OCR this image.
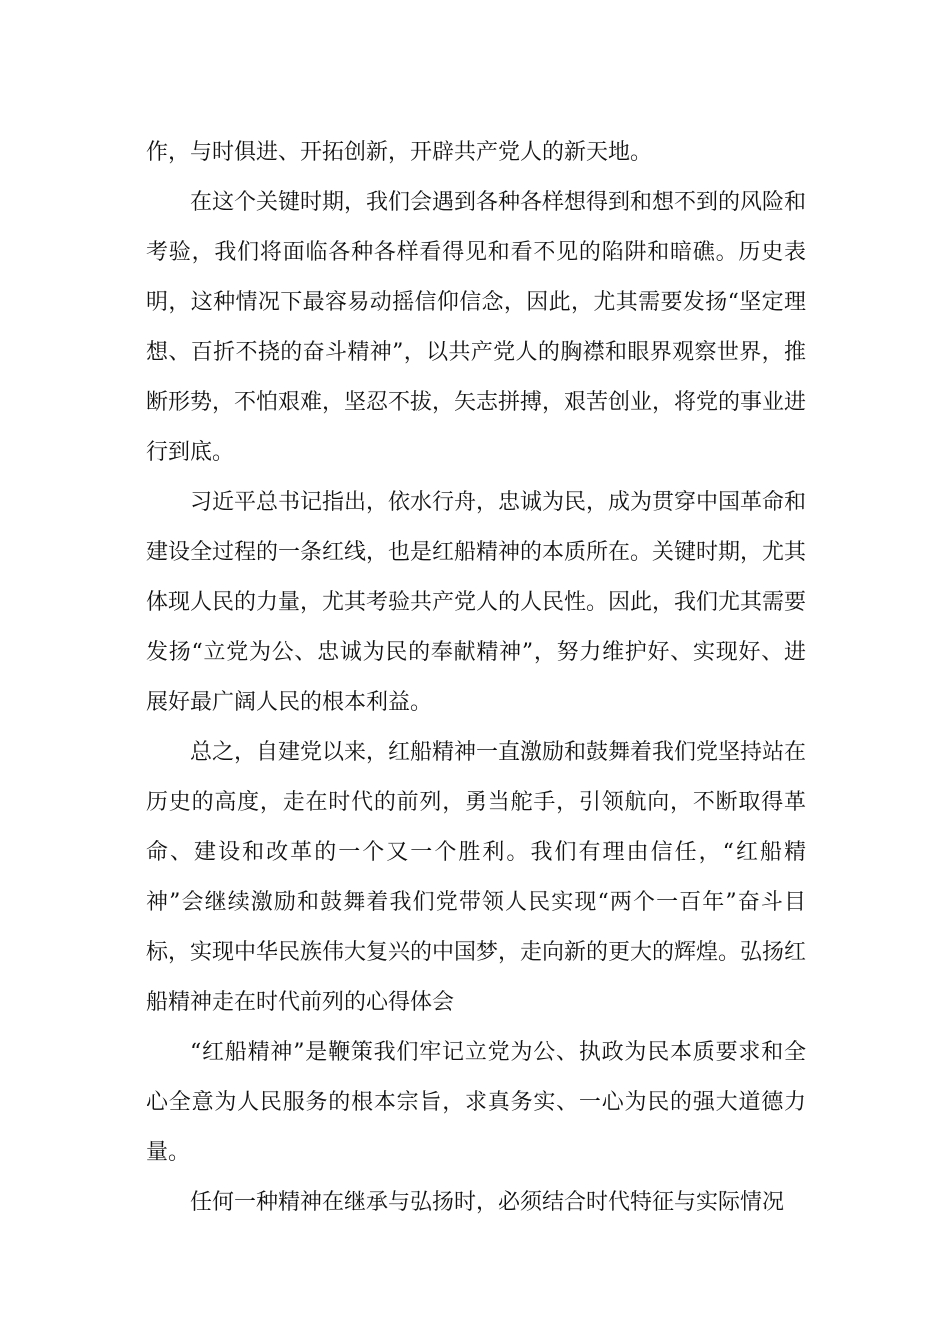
作，与时俱进、开拓创新，开辟共产党人的新天地。

在这个关键时期，我们会遇到各种各样想得到和想不到的风险和考验，我们将面临各种各样看得见和看不见的陷阱和暗礁。历史表明，这种情况下最容易动摇信仰信念，因此，尤其需要发扬“坚定理想、百折不挠的奋斗精神”，以共产党人的胸襟和眼界观察世界，推断形势，不怕艰难，坚忍不拔，矢志拼搏，艰苦创业，将党的事业进行到底。

习近平总书记指出，依水行舟，忠诚为民，成为贯穿中国革命和建设全过程的一条红线，也是红船精神的本质所在。关键时期，尤其体现人民的力量，尤其考验共产党人的人民性。因此，我们尤其需要发扬“立党为公、忠诚为民的奉献精神”，努力维护好、实现好、进展好最广阔人民的根本利益。

总之，自建党以来，红船精神一直激励和鼓舞着我们党坚持站在历史的高度，走在时代的前列，勇当舵手，引领航向，不断取得革命、建设和改革的一个又一个胜利。我们有理由信任，“红船精神”会继续激励和鼓舞着我们党带领人民实现“两个一百年”奋斗目标，实现中华民族伟大复兴的中国梦，走向新的更大的辉煌。弘扬红船精神走在时代前列的心得体会

“红船精神”是鞭策我们牢记立党为公、执政为民本质要求和全心全意为人民服务的根本宗旨，求真务实、一心为民的强大道德力量。

任何一种精神在继承与弘扬时，必须结合时代特征与实际情况
